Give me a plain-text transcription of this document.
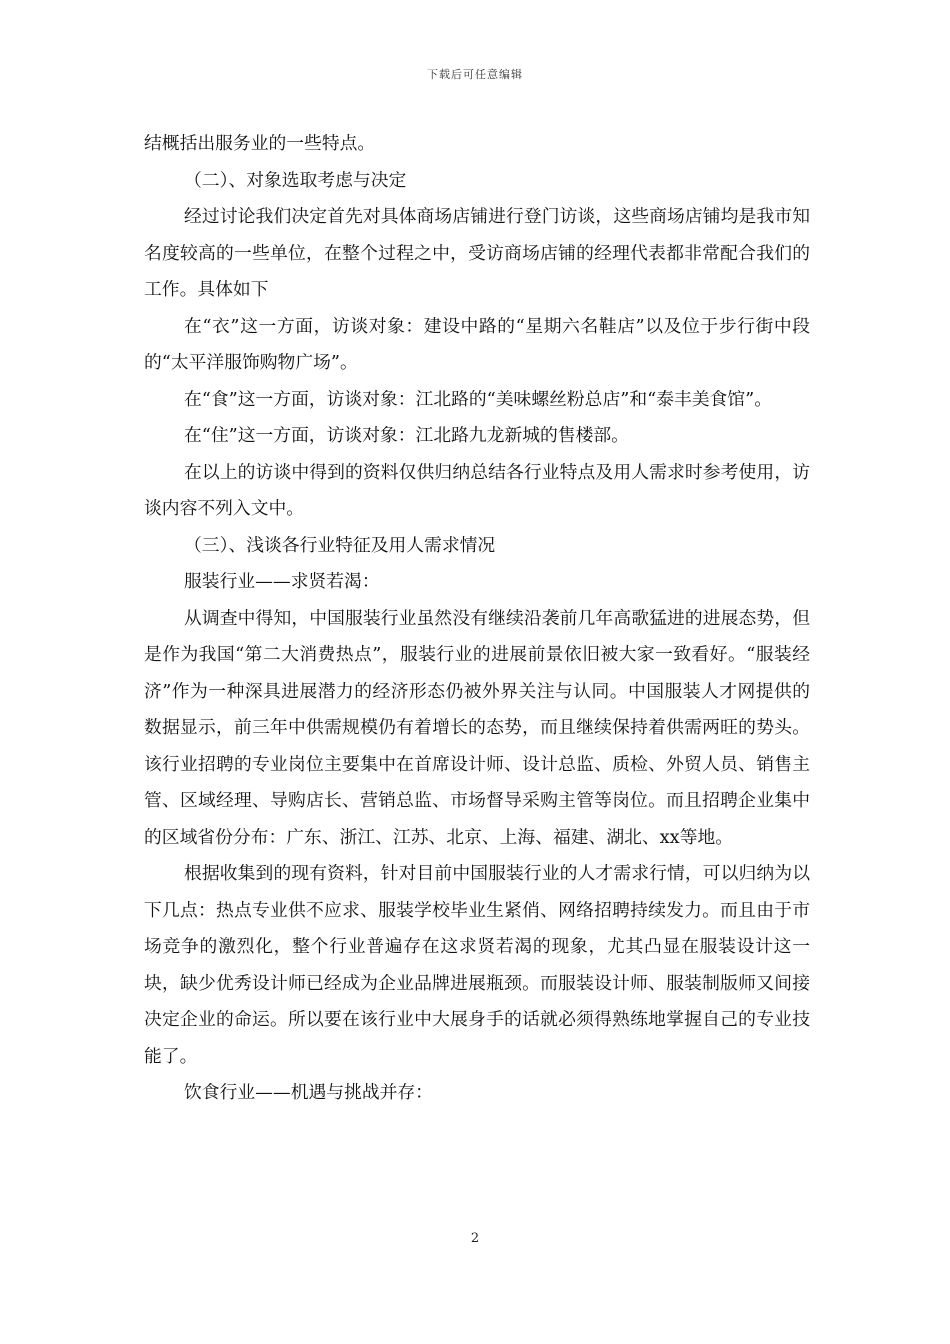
下载后可任意编辑

结概括出服务业的一些特点。

（二）、对象选取考虑与决定

经过讨论我们决定首先对具体商场店铺进行登门访谈，这些商场店铺均是我市知名度较高的一些单位，在整个过程之中，受访商场店铺的经理代表都非常配合我们的工作。具体如下

在“衣”这一方面，访谈对象：建设中路的“星期六名鞋店”以及位于步行街中段的“太平洋服饰购物广场”。

在“食”这一方面，访谈对象：江北路的“美味螺丝粉总店”和“泰丰美食馆”。

在“住”这一方面，访谈对象：江北路九龙新城的售楼部。

在以上的访谈中得到的资料仅供归纳总结各行业特点及用人需求时参考使用，访谈内容不列入文中。

（三）、浅谈各行业特征及用人需求情况

服装行业——求贤若渴：

从调查中得知，中国服装行业虽然没有继续沿袭前几年高歌猛进的进展态势，但是作为我国“第二大消费热点”，服装行业的进展前景依旧被大家一致看好。“服装经济”作为一种深具进展潜力的经济形态仍被外界关注与认同。中国服装人才网提供的数据显示，前三年中供需规模仍有着增长的态势，而且继续保持着供需两旺的势头。该行业招聘的专业岗位主要集中在首席设计师、设计总监、质检、外贸人员、销售主管、区域经理、导购店长、营销总监、市场督导采购主管等岗位。而且招聘企业集中的区域省份分布：广东、浙江、江苏、北京、上海、福建、湖北、xx等地。

根据收集到的现有资料，针对目前中国服装行业的人才需求行情，可以归纳为以下几点：热点专业供不应求、服装学校毕业生紧俏、网络招聘持续发力。而且由于市场竞争的激烈化，整个行业普遍存在这求贤若渴的现象，尤其凸显在服装设计这一块，缺少优秀设计师已经成为企业品牌进展瓶颈。而服装设计师、服装制版师又间接决定企业的命运。所以要在该行业中大展身手的话就必须得熟练地掌握自己的专业技能了。

饮食行业——机遇与挑战并存：

2
